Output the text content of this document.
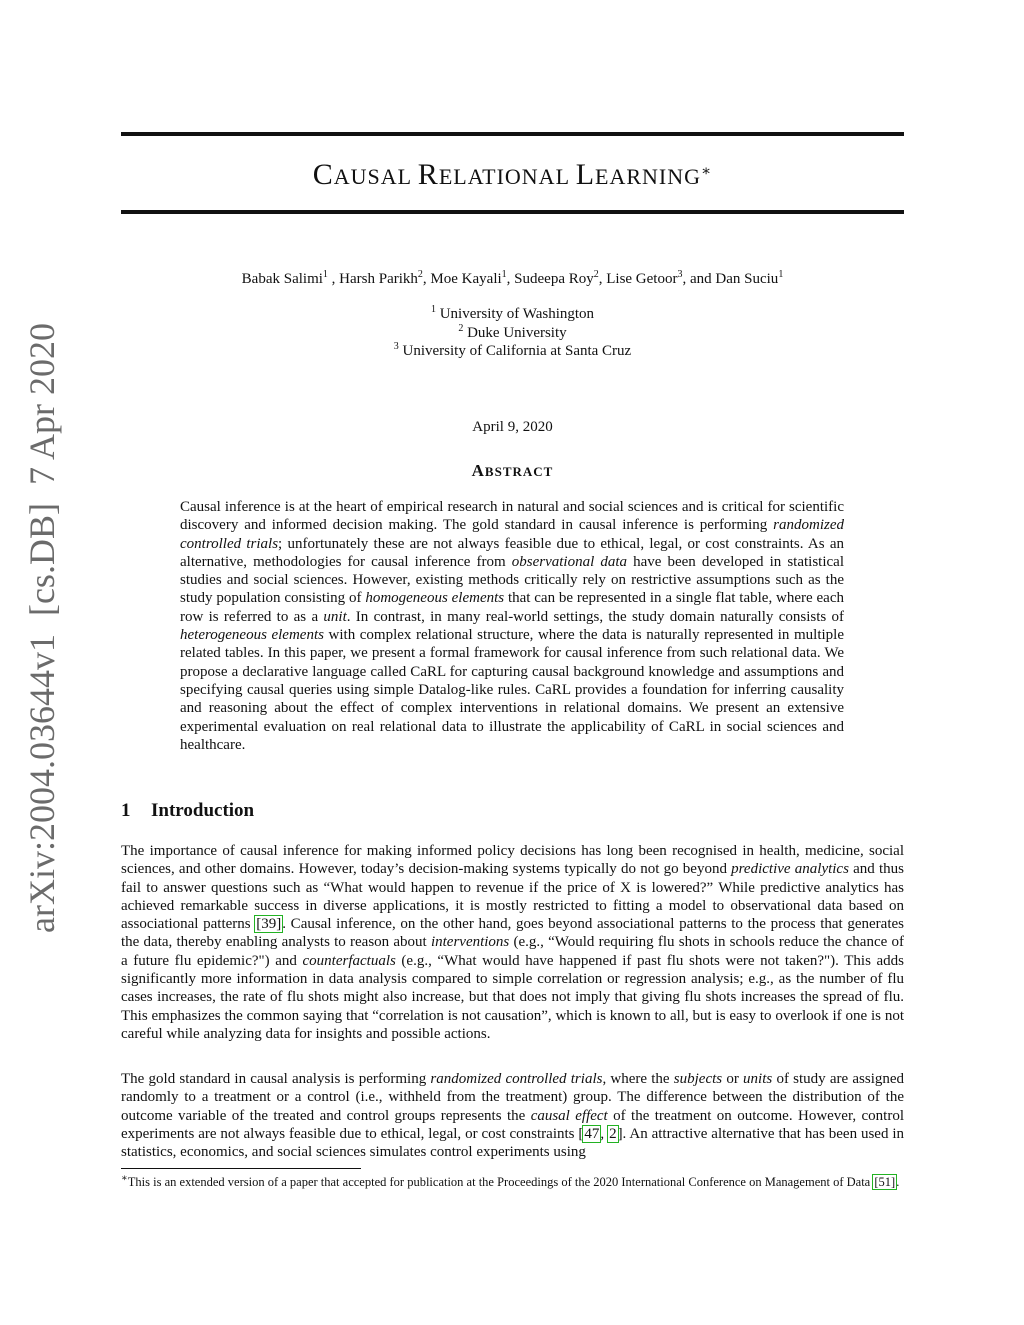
arXiv:2004.03644v1  [cs.DB]  7 Apr 2020
CAUSAL RELATIONAL LEARNING∗
Babak Salimi$^1$ , Harsh Parikh$^2$, Moe Kayali$^1$, Sudeepa Roy$^2$, Lise Getoor$^3$, and Dan Suciu$^1$
$^1$ University of Washington
$^2$ Duke University
$^3$ University of California at Santa Cruz
April 9, 2020
ABSTRACT

Causal inference is at the heart of empirical research in natural and social sciences and is critical for scientific discovery and informed decision making. The gold standard in causal inference is performing randomized controlled trials; unfortunately these are not always feasible due to ethical, legal, or cost constraints. As an alternative, methodologies for causal inference from observational data have been developed in statistical studies and social sciences. However, existing methods critically rely on restrictive assumptions such as the study population consisting of homogeneous elements that can be represented in a single flat table, where each row is referred to as a unit. In contrast, in many real-world settings, the study domain naturally consists of heterogeneous elements with complex relational structure, where the data is naturally represented in multiple related tables. In this paper, we present a formal framework for causal inference from such relational data. We propose a declarative language called CaRL for capturing causal background knowledge and assumptions and specifying causal queries using simple Datalog-like rules. CaRL provides a foundation for inferring causality and reasoning about the effect of complex interventions in relational domains. We present an extensive experimental evaluation on real relational data to illustrate the applicability of CaRL in social sciences and healthcare.

1 Introduction

The importance of causal inference for making informed policy decisions has long been recognised in health, medicine, social sciences, and other domains. However, today’s decision-making systems typically do not go beyond predictive analytics and thus fail to answer questions such as “What would happen to revenue if the price of X is lowered?” While predictive analytics has achieved remarkable success in diverse applications, it is mostly restricted to fitting a model to observational data based on associational patterns [39]. Causal inference, on the other hand, goes beyond associational patterns to the process that generates the data, thereby enabling analysts to reason about interventions (e.g., “Would requiring flu shots in schools reduce the chance of a future flu epidemic?") and counterfactuals (e.g., “What would have happened if past flu shots were not taken?"). This adds significantly more information in data analysis compared to simple correlation or regression analysis; e.g., as the number of flu cases increases, the rate of flu shots might also increase, but that does not imply that giving flu shots increases the spread of flu. This emphasizes the common saying that “correlation is not causation”, which is known to all, but is easy to overlook if one is not careful while analyzing data for insights and possible actions.

The gold standard in causal analysis is performing randomized controlled trials, where the subjects or units of study are assigned randomly to a treatment or a control (i.e., withheld from the treatment) group. The difference between the distribution of the outcome variable of the treated and control groups represents the causal effect of the treatment on outcome. However, control experiments are not always feasible due to ethical, legal, or cost constraints [47, 2]. An attractive alternative that has been used in statistics, economics, and social sciences simulates control experiments using

∗This is an extended version of a paper that accepted for publication at the Proceedings of the 2020 International Conference on Management of Data [51].
